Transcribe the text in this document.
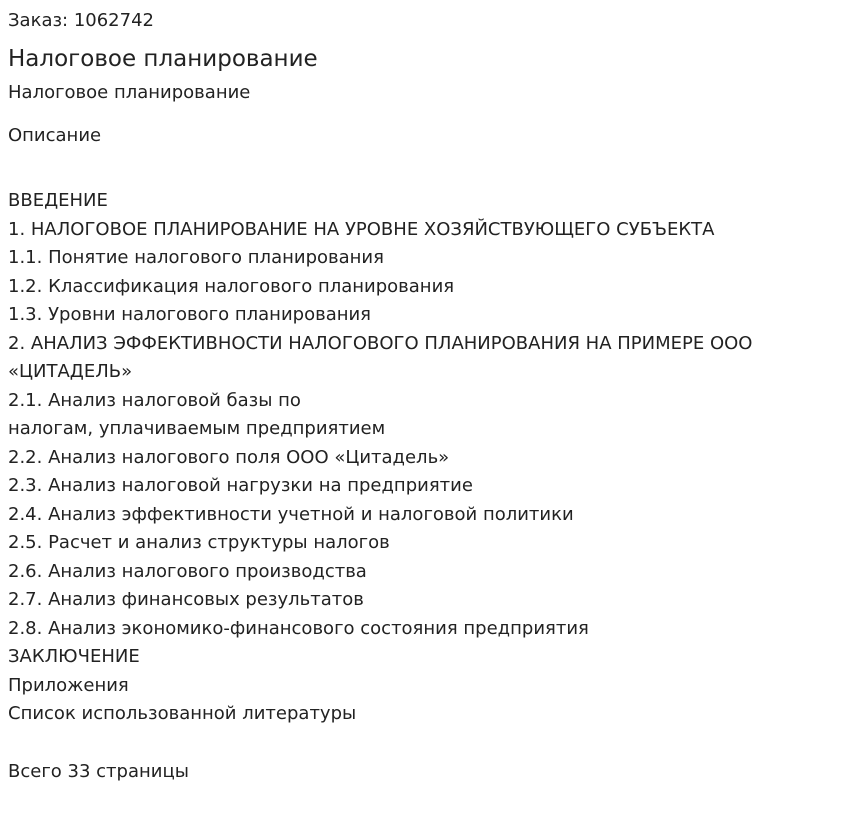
Заказ: 1062742

Налоговое планирование

Налоговое планирование

Описание

ВВЕДЕНИЕ
1. НАЛОГОВОЕ ПЛАНИРОВАНИЕ НА УРОВНЕ ХОЗЯЙСТВУЮЩЕГО СУБЪЕКТА
1.1. Понятие налогового планирования
1.2. Классификация налогового планирования
1.3. Уровни налогового планирования
2. АНАЛИЗ ЭФФЕКТИВНОСТИ НАЛОГОВОГО ПЛАНИРОВАНИЯ НА ПРИМЕРЕ ООО
«ЦИТАДЕЛЬ»
2.1. Анализ налоговой базы по
налогам, уплачиваемым предприятием
2.2. Анализ налогового поля ООО «Цитадель»
2.3. Анализ налоговой нагрузки на предприятие
2.4. Анализ эффективности учетной и налоговой политики
2.5. Расчет и анализ структуры налогов
2.6. Анализ налогового производства
2.7. Анализ финансовых результатов
2.8. Анализ экономико-финансового состояния предприятия
ЗАКЛЮЧЕНИЕ
Приложения
Список использованной литературы

Всего 33 страницы
